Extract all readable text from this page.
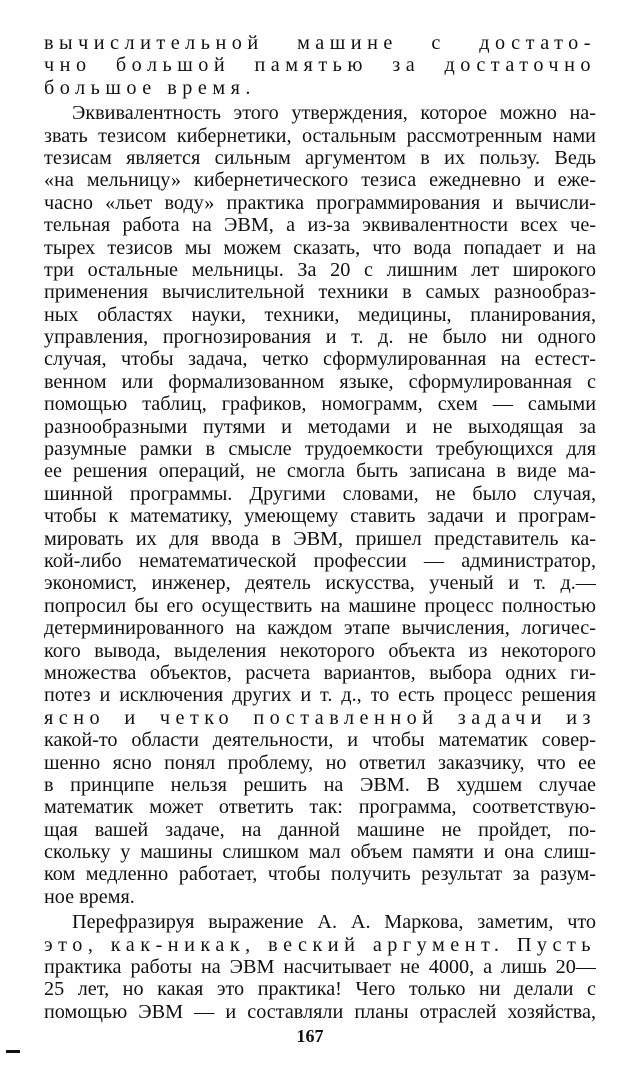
вычислительной машине с достато-
чно большой памятью за достаточно
большое время.
Эквивалентность этого утверждения, которое можно на-
звать тезисом кибернетики, остальным рассмотренным нами
тезисам является сильным аргументом в их пользу. Ведь
«на мельницу» кибернетического тезиса ежедневно и еже-
часно «льет воду» практика программирования и вычисли-
тельная работа на ЭВМ, а из-за эквивалентности всех че-
тырех тезисов мы можем сказать, что вода попадает и на
три остальные мельницы. За 20 с лишним лет широкого
применения вычислительной техники в самых разнообраз-
ных областях науки, техники, медицины, планирования,
управления, прогнозирования и т. д. не было ни одного
случая, чтобы задача, четко сформулированная на естест-
венном или формализованном языке, сформулированная с
помощью таблиц, графиков, номограмм, схем — самыми
разнообразными путями и методами и не выходящая за
разумные рамки в смысле трудоемкости требующихся для
ее решения операций, не смогла быть записана в виде ма-
шинной программы. Другими словами, не было случая,
чтобы к математику, умеющему ставить задачи и програм-
мировать их для ввода в ЭВМ, пришел представитель ка-
кой-либо нематематической профессии — администратор,
экономист, инженер, деятель искусства, ученый и т. д.—
попросил бы его осуществить на машине процесс полностью
детерминированного на каждом этапе вычисления, логичес-
кого вывода, выделения некоторого объекта из некоторого
множества объектов, расчета вариантов, выбора одних ги-
потез и исключения других и т. д., то есть процесс решения
ясно и четко поставленной задачи из
какой-то области деятельности, и чтобы математик совер-
шенно ясно понял проблему, но ответил заказчику, что ее
в принципе нельзя решить на ЭВМ. В худшем случае
математик может ответить так: программа, соответствую-
щая вашей задаче, на данной машине не пройдет, по-
скольку у машины слишком мал объем памяти и она слиш-
ком медленно работает, чтобы получить результат за разум-
ное время.
Перефразируя выражение А. А. Маркова, заметим, что
это, как-никак, веский аргумент. Пусть
практика работы на ЭВМ насчитывает не 4000, а лишь 20—
25 лет, но какая это практика! Чего только ни делали с
помощью ЭВМ — и составляли планы отраслей хозяйства,
167
